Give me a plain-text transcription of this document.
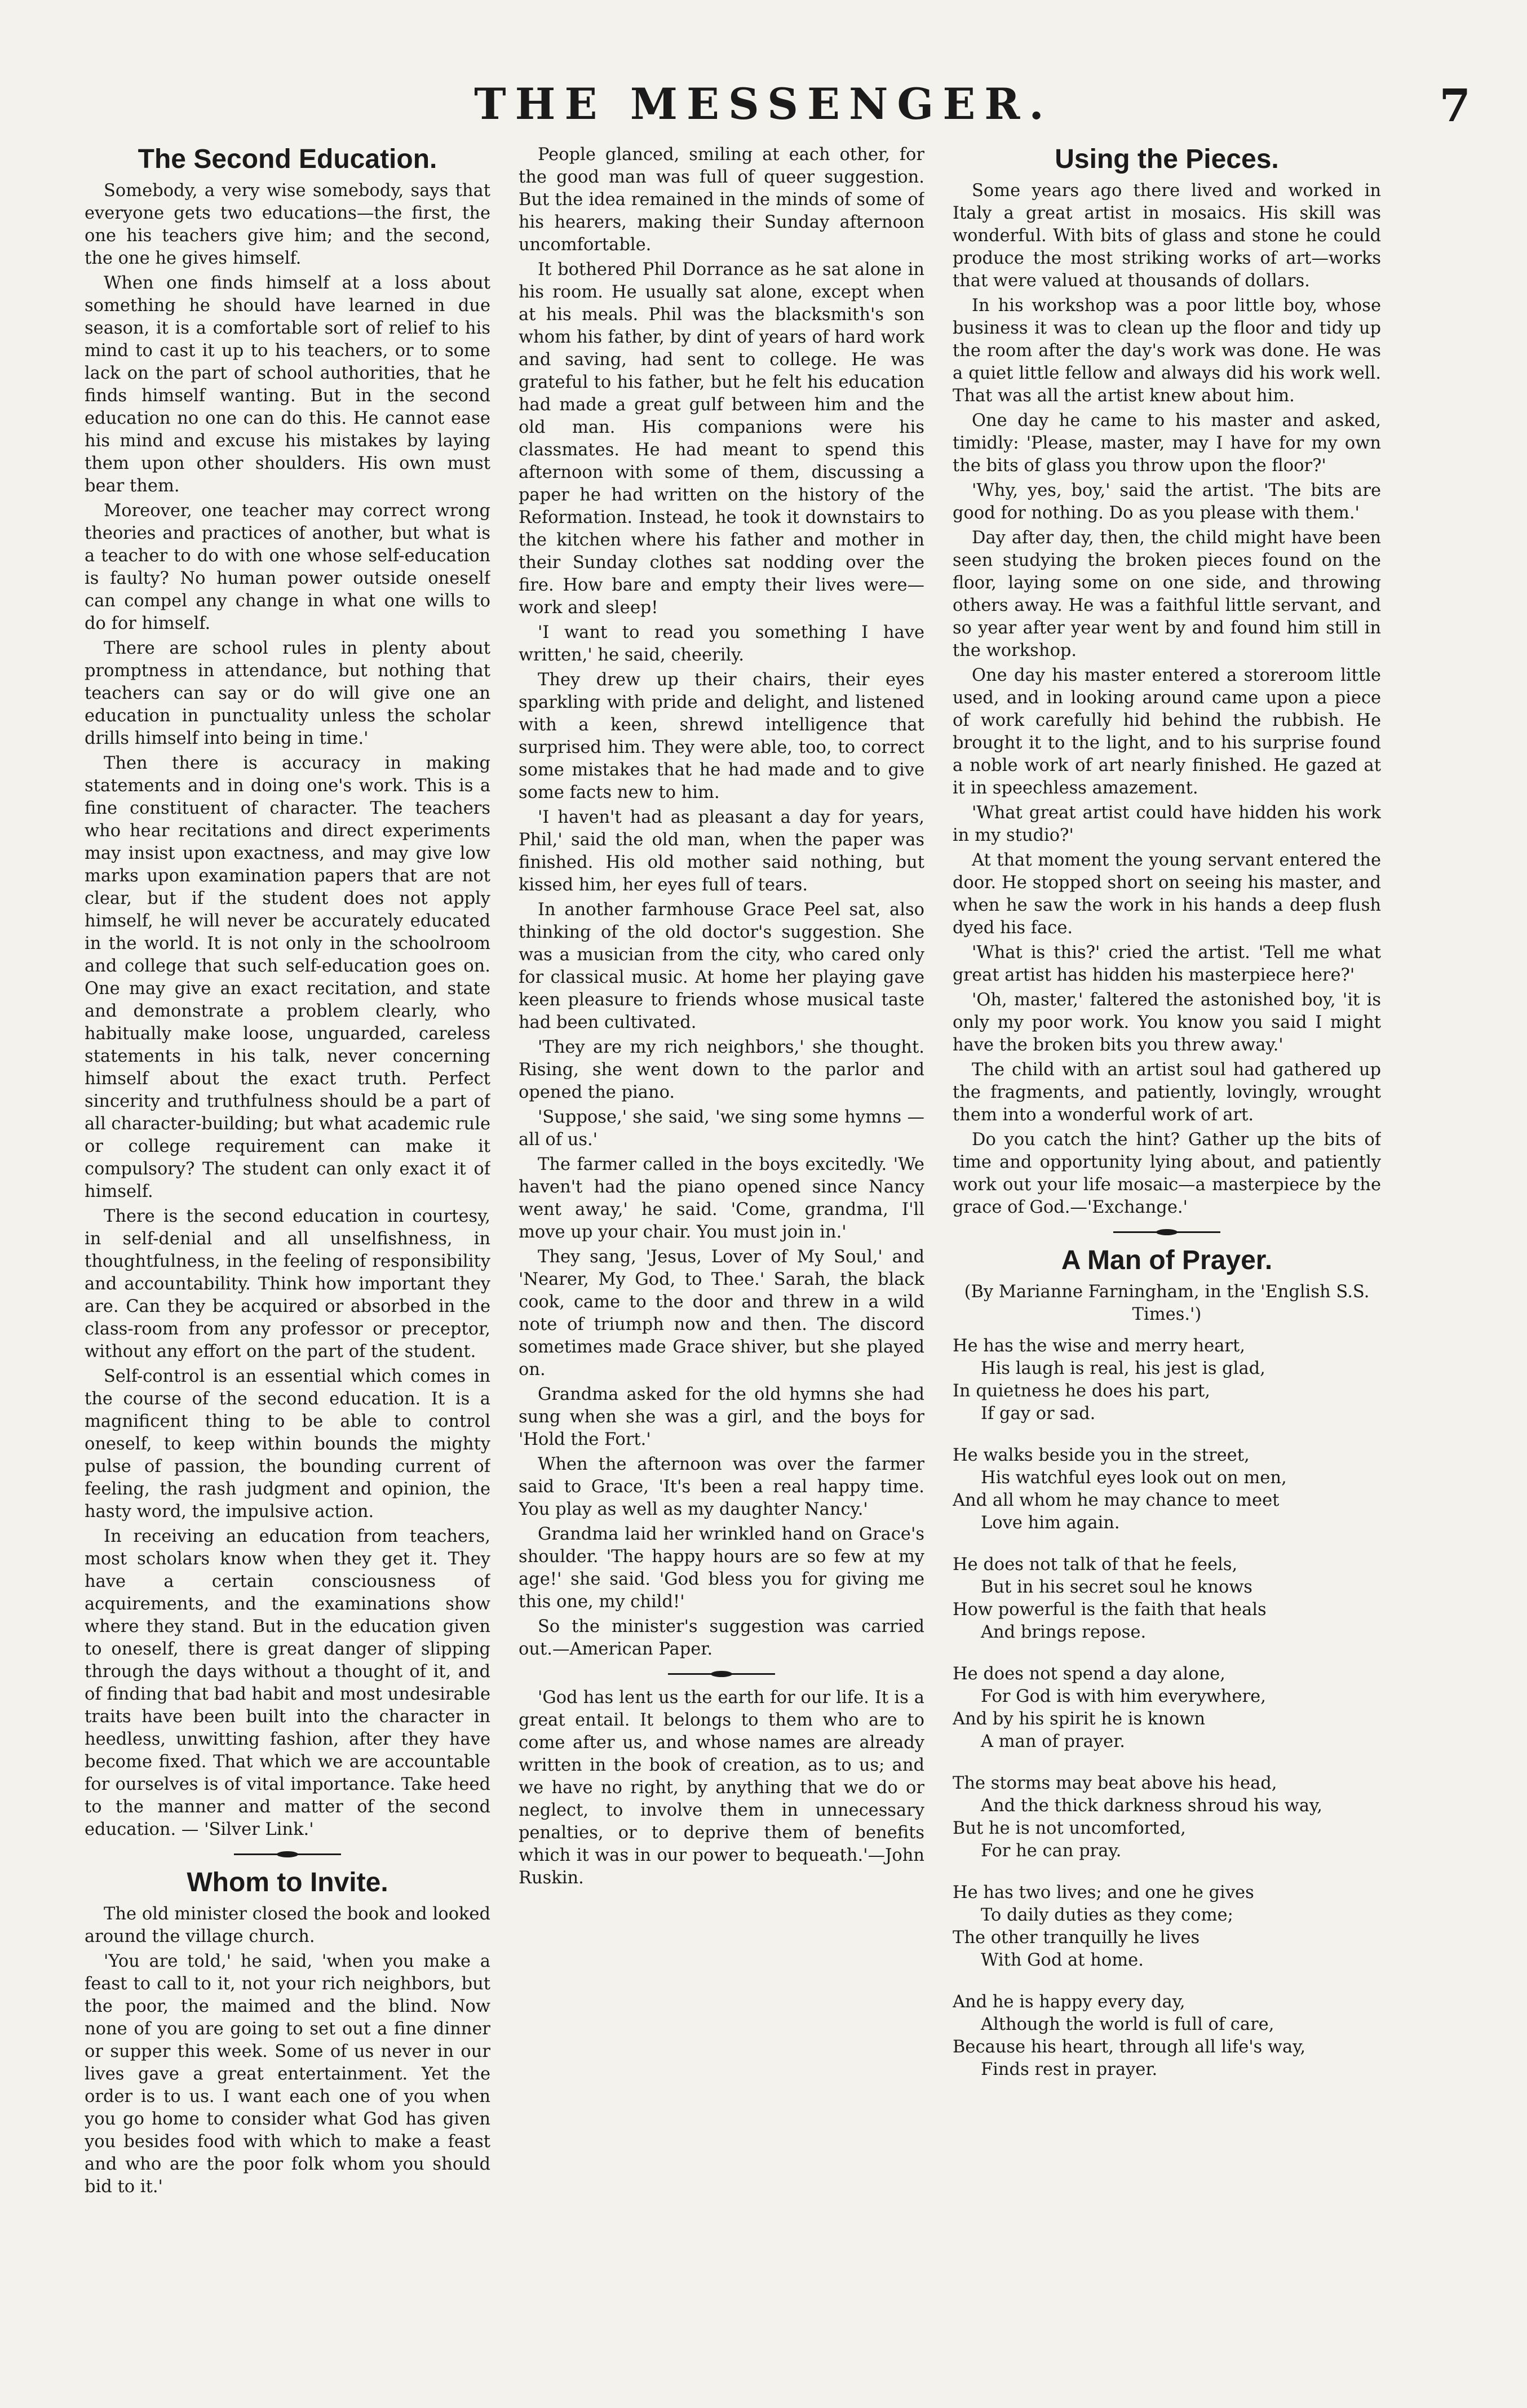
THE MESSENGER.	7
The Second Education.

Somebody, a very wise somebody, says that everyone gets two educations—the first, the one his teachers give him; and the second, the one he gives himself.

When one finds himself at a loss about something he should have learned in due season, it is a comfortable sort of relief to his mind to cast it up to his teachers, or to some lack on the part of school authorities, that he finds himself wanting. But in the second education no one can do this. He cannot ease his mind and excuse his mistakes by laying them upon other shoulders. His own must bear them.

Moreover, one teacher may correct wrong theories and practices of another, but what is a teacher to do with one whose self-education is faulty? No human power outside oneself can compel any change in what one wills to do for himself.

There are school rules in plenty about promptness in attendance, but nothing that teachers can say or do will give one an education in punctuality unless the scholar drills himself into being in time.'

Then there is accuracy in making statements and in doing one's work. This is a fine constituent of character. The teachers who hear recitations and direct experiments may insist upon exactness, and may give low marks upon examination papers that are not clear, but if the student does not apply himself, he will never be accurately educated in the world. It is not only in the schoolroom and college that such self-education goes on. One may give an exact recitation, and state and demonstrate a problem clearly, who habitually make loose, unguarded, careless statements in his talk, never concerning himself about the exact truth. Perfect sincerity and truthfulness should be a part of all character-building; but what academic rule or college requirement can make it compulsory? The student can only exact it of himself.

There is the second education in courtesy, in self-denial and all unselfishness, in thoughtfulness, in the feeling of responsibility and accountability. Think how important they are. Can they be acquired or absorbed in the class-room from any professor or preceptor, without any effort on the part of the student.

Self-control is an essential which comes in the course of the second education. It is a magnificent thing to be able to control oneself, to keep within bounds the mighty pulse of passion, the bounding current of feeling, the rash judgment and opinion, the hasty word, the impulsive action.

In receiving an education from teachers, most scholars know when they get it. They have a certain consciousness of acquirements, and the examinations show where they stand. But in the education given to oneself, there is great danger of slipping through the days without a thought of it, and of finding that bad habit and most undesirable traits have been built into the character in heedless, unwitting fashion, after they have become fixed. That which we are accountable for ourselves is of vital importance. Take heed to the manner and matter of the second education. — 'Silver Link.'

Whom to Invite.

The old minister closed the book and looked around the village church.

'You are told,' he said, 'when you make a feast to call to it, not your rich neighbors, but the poor, the maimed and the blind. Now none of you are going to set out a fine dinner or supper this week. Some of us never in our lives gave a great entertainment. Yet the order is to us. I want each one of you when you go home to consider what God has given you besides food with which to make a feast and who are the poor folk whom you should bid to it.'

People glanced, smiling at each other, for the good man was full of queer suggestion. But the idea remained in the minds of some of his hearers, making their Sunday afternoon uncomfortable.

It bothered Phil Dorrance as he sat alone in his room. He usually sat alone, except when at his meals. Phil was the blacksmith's son whom his father, by dint of years of hard work and saving, had sent to college. He was grateful to his father, but he felt his education had made a great gulf between him and the old man. His companions were his classmates. He had meant to spend this afternoon with some of them, discussing a paper he had written on the history of the Reformation. Instead, he took it downstairs to the kitchen where his father and mother in their Sunday clothes sat nodding over the fire. How bare and empty their lives were—work and sleep!

'I want to read you something I have written,' he said, cheerily.

They drew up their chairs, their eyes sparkling with pride and delight, and listened with a keen, shrewd intelligence that surprised him. They were able, too, to correct some mistakes that he had made and to give some facts new to him.

'I haven't had as pleasant a day for years, Phil,' said the old man, when the paper was finished. His old mother said nothing, but kissed him, her eyes full of tears.

In another farmhouse Grace Peel sat, also thinking of the old doctor's suggestion. She was a musician from the city, who cared only for classical music. At home her playing gave keen pleasure to friends whose musical taste had been cultivated.

'They are my rich neighbors,' she thought. Rising, she went down to the parlor and opened the piano.

'Suppose,' she said, 'we sing some hymns —all of us.'

The farmer called in the boys excitedly. 'We haven't had the piano opened since Nancy went away,' he said. 'Come, grandma, I'll move up your chair. You must join in.'

They sang, 'Jesus, Lover of My Soul,' and 'Nearer, My God, to Thee.' Sarah, the black cook, came to the door and threw in a wild note of triumph now and then. The discord sometimes made Grace shiver, but she played on.

Grandma asked for the old hymns she had sung when she was a girl, and the boys for 'Hold the Fort.'

When the afternoon was over the farmer said to Grace, 'It's been a real happy time. You play as well as my daughter Nancy.'

Grandma laid her wrinkled hand on Grace's shoulder. 'The happy hours are so few at my age!' she said. 'God bless you for giving me this one, my child!'

So the minister's suggestion was carried out.—American Paper.

'God has lent us the earth for our life. It is a great entail. It belongs to them who are to come after us, and whose names are already written in the book of creation, as to us; and we have no right, by anything that we do or neglect, to involve them in unnecessary penalties, or to deprive them of benefits which it was in our power to bequeath.'—John Ruskin.

Using the Pieces.

Some years ago there lived and worked in Italy a great artist in mosaics. His skill was wonderful. With bits of glass and stone he could produce the most striking works of art—works that were valued at thousands of dollars.

In his workshop was a poor little boy, whose business it was to clean up the floor and tidy up the room after the day's work was done. He was a quiet little fellow and always did his work well. That was all the artist knew about him.

One day he came to his master and asked, timidly: 'Please, master, may I have for my own the bits of glass you throw upon the floor?'

'Why, yes, boy,' said the artist. 'The bits are good for nothing. Do as you please with them.'

Day after day, then, the child might have been seen studying the broken pieces found on the floor, laying some on one side, and throwing others away. He was a faithful little servant, and so year after year went by and found him still in the workshop.

One day his master entered a storeroom little used, and in looking around came upon a piece of work carefully hid behind the rubbish. He brought it to the light, and to his surprise found a noble work of art nearly finished. He gazed at it in speechless amazement.

'What great artist could have hidden his work in my studio?'

At that moment the young servant entered the door. He stopped short on seeing his master, and when he saw the work in his hands a deep flush dyed his face.

'What is this?' cried the artist. 'Tell me what great artist has hidden his masterpiece here?'

'Oh, master,' faltered the astonished boy, 'it is only my poor work. You know you said I might have the broken bits you threw away.'

The child with an artist soul had gathered up the fragments, and patiently, lovingly, wrought them into a wonderful work of art.

Do you catch the hint? Gather up the bits of time and opportunity lying about, and patiently work out your life mosaic—a masterpiece by the grace of God.—'Exchange.'

A Man of Prayer.

(By Marianne Farningham, in the 'English S.S. Times.')

He has the wise and merry heart,
His laugh is real, his jest is glad,
In quietness he does his part,
If gay or sad.
He walks beside you in the street,
His watchful eyes look out on men,
And all whom he may chance to meet
Love him again.
He does not talk of that he feels,
But in his secret soul he knows
How powerful is the faith that heals
And brings repose.
He does not spend a day alone,
For God is with him everywhere,
And by his spirit he is known
A man of prayer.
The storms may beat above his head,
And the thick darkness shroud his way,
But he is not uncomforted,
For he can pray.
He has two lives; and one he gives
To daily duties as they come;
The other tranquilly he lives
With God at home.
And he is happy every day,
Although the world is full of care,
Because his heart, through all life's way,
Finds rest in prayer.
